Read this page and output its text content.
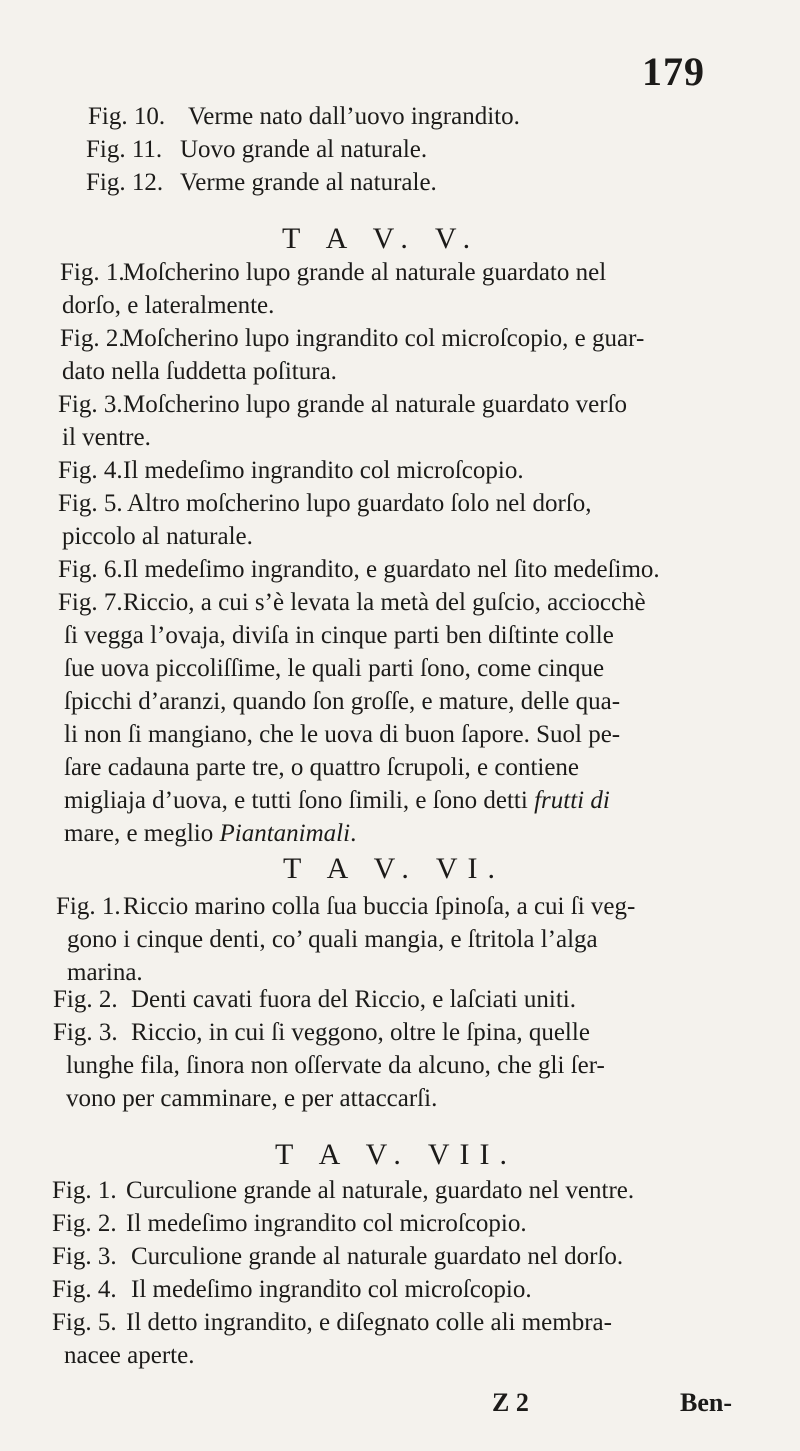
179
Fig. 10. Verme nato dall’uovo ingrandito.
Fig. 11. Uovo grande al naturale.
Fig. 12. Verme grande al naturale.
T A V. V.
Fig. 1.
Moſcherino lupo grande al naturale guardato nel
dorſo, e lateralmente.
Fig. 2.
Moſcherino lupo ingrandito col microſcopio, e guar-
dato nella ſuddetta poſitura.
Fig. 3. Moſcherino lupo grande al naturale guardato verſo
il ventre.
Fig. 4. Il medeſimo ingrandito col microſcopio.
Fig. 5. Altro moſcherino lupo guardato ſolo nel dorſo,
piccolo al naturale.
Fig. 6. Il medeſimo ingrandito, e guardato nel ſito medeſimo.
Fig. 7. Riccio, a cui s’è levata la metà del guſcio, acciocchè
ſi vegga l’ovaja, diviſa in cinque parti ben diſtinte colle
ſue uova piccoliſſime, le quali parti ſono, come cinque
ſpicchi d’aranzi, quando ſon groſſe, e mature, delle qua-
li non ſi mangiano, che le uova di buon ſapore. Suol pe-
ſare cadauna parte tre, o quattro ſcrupoli, e contiene
migliaja d’uova, e tutti ſono ſimili, e ſono detti frutti di
mare, e meglio Piantanimali.
T A V. VI.
Fig. 1. Riccio marino colla ſua buccia ſpinoſa, a cui ſi veg-
gono i cinque denti, co’ quali mangia, e ſtritola l’alga
marina.
Fig. 2. Denti cavati fuora del Riccio, e laſciati uniti.
Fig. 3. Riccio, in cui ſi veggono, oltre le ſpina, quelle
lunghe fila, ſinora non oſſervate da alcuno, che gli ſer-
vono per camminare, e per attaccarſi.
T A V. VII.
Fig. 1. Curculione grande al naturale, guardato nel ventre.
Fig. 2. Il medeſimo ingrandito col microſcopio.
Fig. 3. Curculione grande al naturale guardato nel dorſo.
Fig. 4. Il medeſimo ingrandito col microſcopio.
Fig. 5. Il detto ingrandito, e diſegnato colle ali membra-
nacee aperte.
Z 2	Ben-
